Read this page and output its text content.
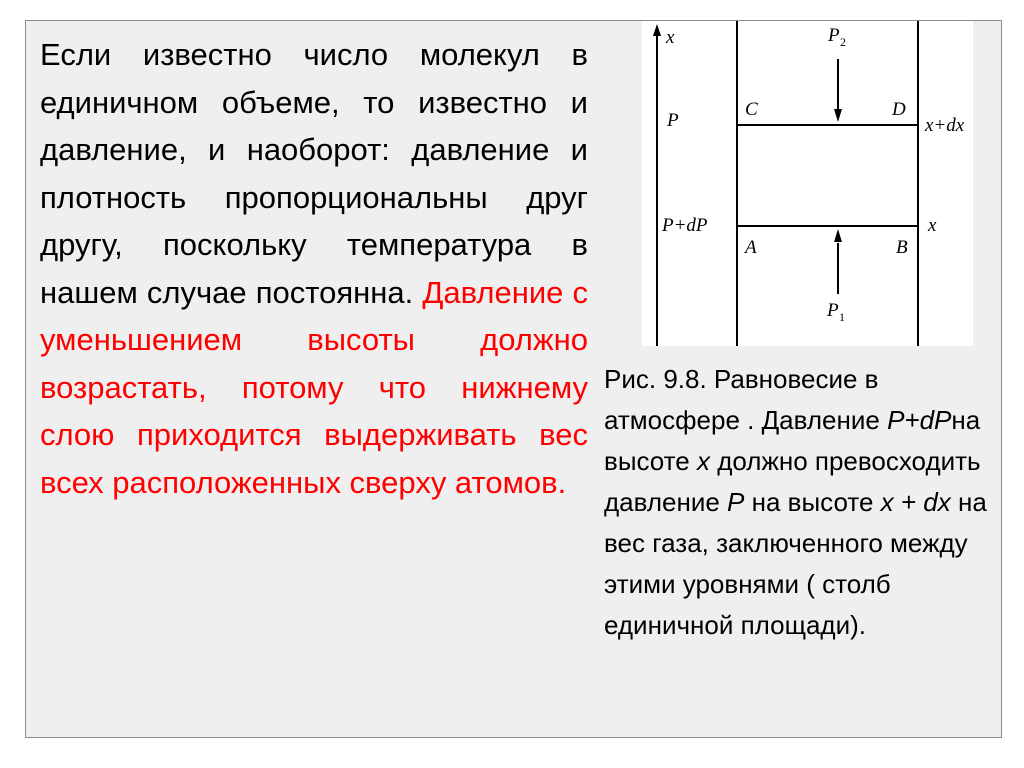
Если известно число молекул в единичном объеме, то известно и давление, и наоборот: давление и плотность пропорциональны друг другу, поскольку температура в нашем случае постоянна. Давление с уменьшением высоты должно возрастать, потому что нижнему слою приходится выдерживать вес всех расположенных сверху атомов.

x	P 2
P 1
P
P+dP
C	D
A	B
x+dx
x

Рис. 9.8. Равновесие в атмосфере . Давление P+dPна высоте x должно превосходить давление P на высоте x + dx на вес газа, заключенного между этими уровнями ( столб единичной площади).
